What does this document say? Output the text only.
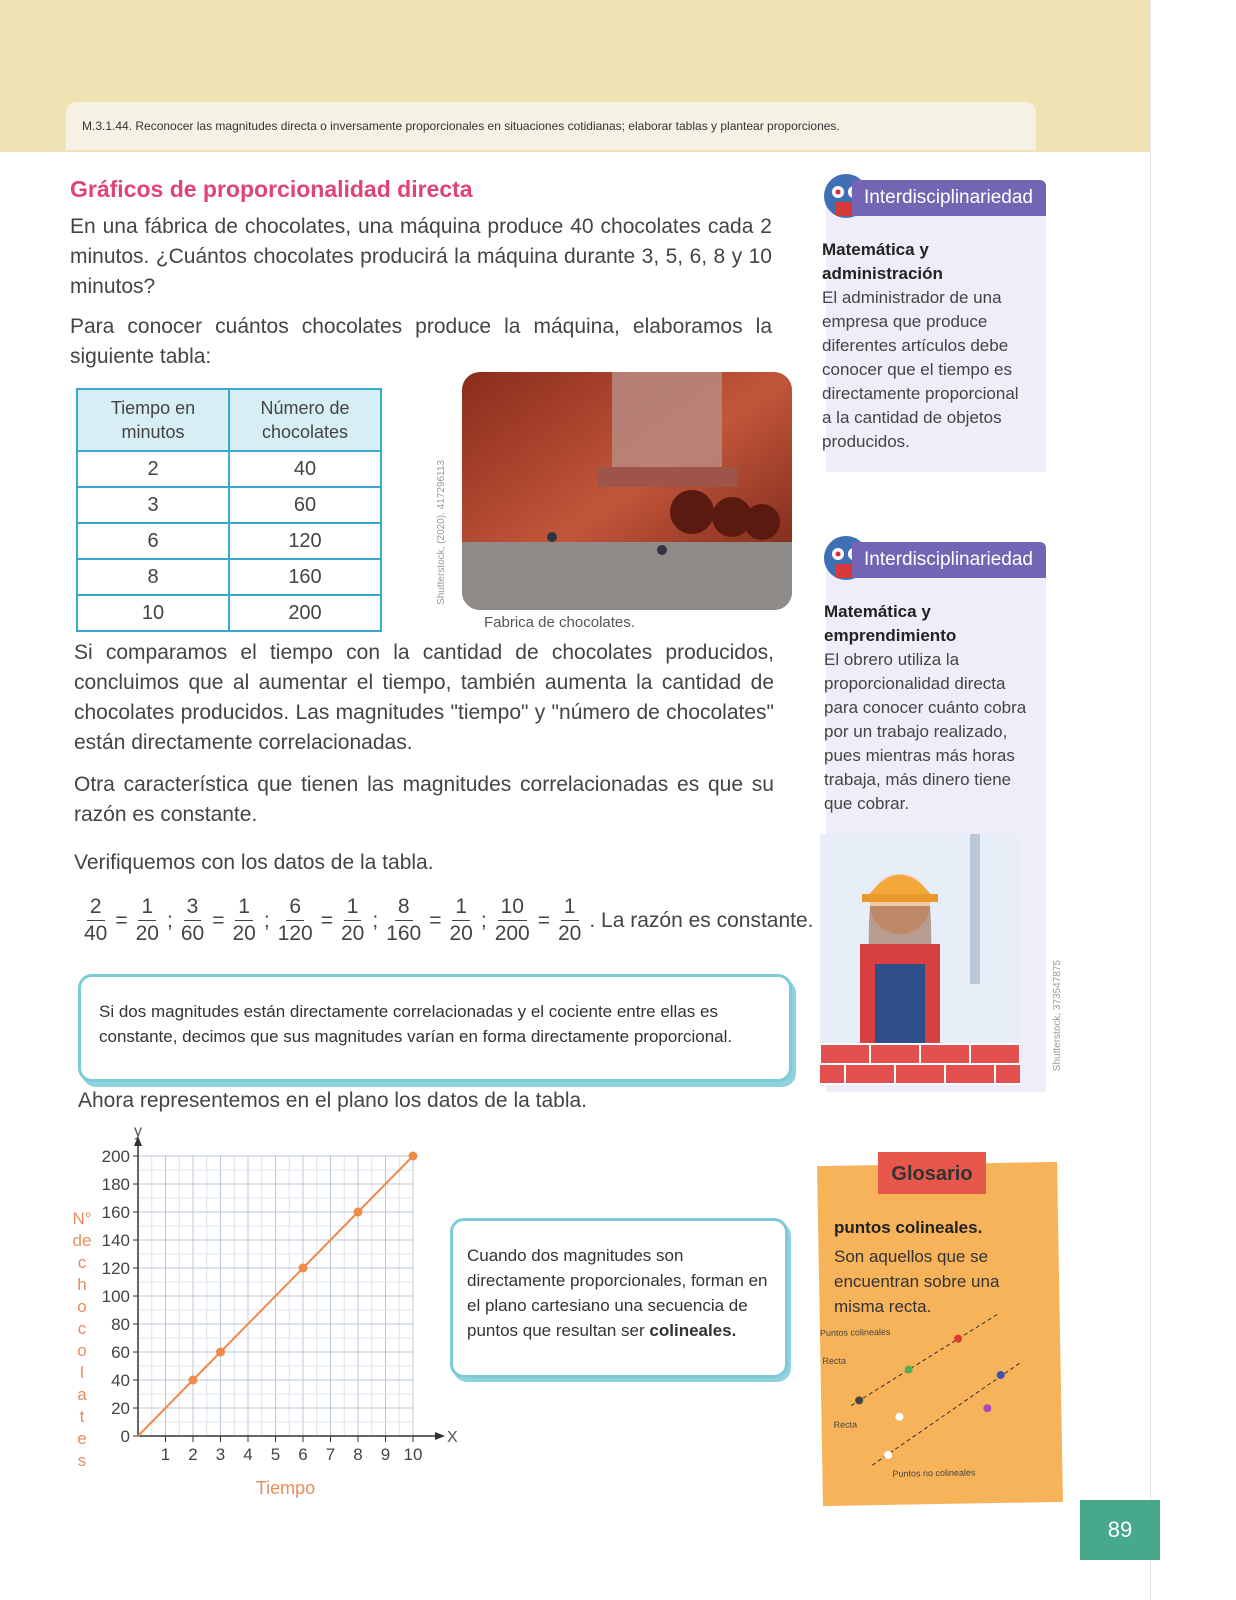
M.3.1.44. Reconocer las magnitudes directa o inversamente proporcionales en situaciones cotidianas; elaborar tablas y plantear proporciones.
Gráficos de proporcionalidad directa

En una fábrica de chocolates, una máquina produce 40 chocolates cada 2 minutos. ¿Cuántos chocolates producirá la máquina durante 3, 5, 6, 8 y 10 minutos?

Para conocer cuántos chocolates produce la máquina, elaboramos la siguiente tabla:

Tiempo en minutos	Número de chocolates
2	40
3	60
6	120
8	160
10	200
Shutterstock, (2020). 417296113
Fabrica de chocolates.

Si comparamos el tiempo con la cantidad de chocolates producidos, concluimos que al aumentar el tiempo, también aumenta la cantidad de chocolates producidos. Las magnitudes "tiempo" y "número de chocolates" están directamente correlacionadas.

Otra característica que tienen las magnitudes correlacionadas es que su razón es constante.

Verifiquemos con los datos de la tabla.

$\frac{2}{40} = \frac{1}{20}$ ; $\frac{3}{60} = \frac{1}{20}$ ; $\frac{6}{120} = \frac{1}{20}$ ; $\frac{8}{160} = \frac{1}{20}$ ; $\frac{10}{200} = \frac{1}{20}$ . La razón es constante.
Si dos magnitudes están directamente correlacionadas y el cociente entre ellas es constante, decimos que sus magnitudes varían en forma directamente proporcional.

Ahora representemos en el plano los datos de la tabla.

1 2 3 4 5 6 7 8 9 10
0
20
40
60
80
100
120
140
160
180
200
X
y
Tiempo
N°
de
c
h
o
c
o
l
a
t
e
s
Cuando dos magnitudes son directamente proporcionales, forman en el plano cartesiano una secuencia de puntos que resultan ser colineales.
Matemática y administración
El administrador de una empresa que produce diferentes artículos debe conocer que el tiempo es directamente proporcional a la cantidad de objetos producidos.
Interdisciplinariedad
Matemática y emprendimiento
El obrero utiliza la proporcionalidad directa para conocer cuánto cobra por un trabajo realizado, pues mientras más horas trabaja, más dinero tiene que cobrar.
Interdisciplinariedad
Shutterstock, 373547875
Puntos colineales
Recta
Recta
Puntos no colineales
Glosario
puntos colineales.
Son aquellos que se encuentran sobre una misma recta.
89
